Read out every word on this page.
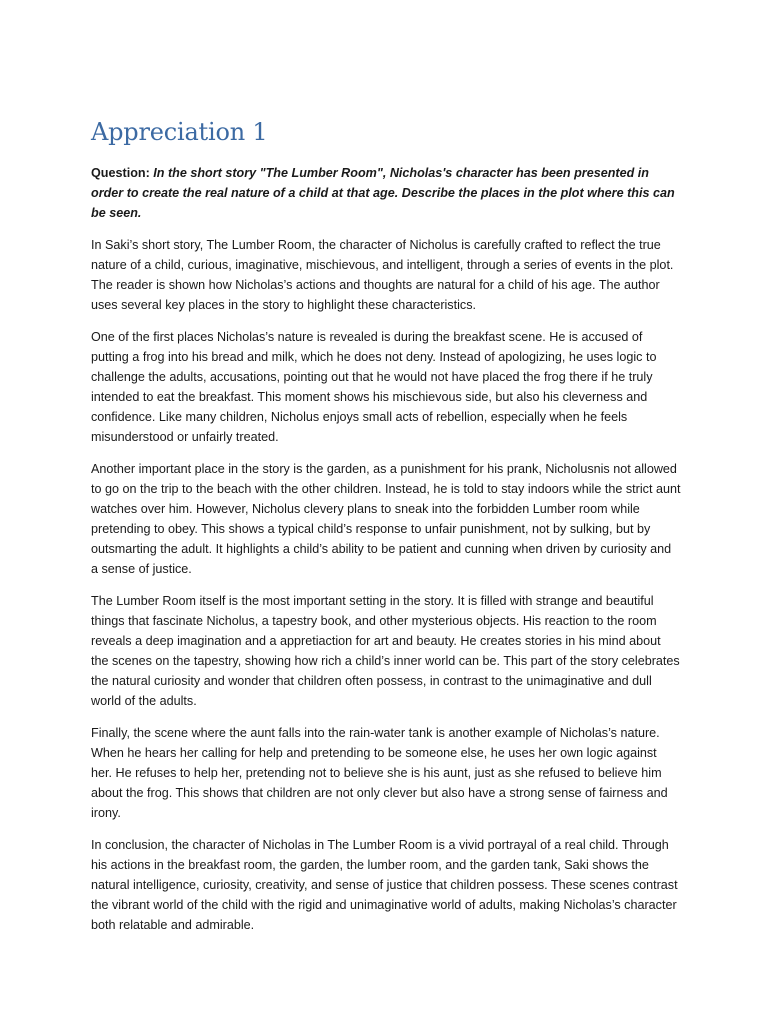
Appreciation 1

Question: In the short story "The Lumber Room", Nicholas's character has been presented in order to create the real nature of a child at that age. Describe the places in the plot where this can be seen.

In Saki’s short story, The Lumber Room, the character of Nicholus is carefully crafted to reflect the true nature of a child, curious, imaginative, mischievous, and intelligent, through a series of events in the plot. The reader is shown how Nicholas’s actions and thoughts are natural for a child of his age. The author uses several key places in the story to highlight these characteristics.

One of the first places Nicholas’s nature is revealed is during the breakfast scene. He is accused of putting a frog into his bread and milk, which he does not deny. Instead of apologizing, he uses logic to challenge the adults, accusations, pointing out that he would not have placed the frog there if he truly intended to eat the breakfast. This moment shows his mischievous side, but also his cleverness and confidence. Like many children, Nicholus enjoys small acts of rebellion, especially when he feels misunderstood or unfairly treated.

Another important place in the story is the garden, as a punishment for his prank, Nicholusnis not allowed to go on the trip to the beach with the other children. Instead, he is told to stay indoors while the strict aunt watches over him. However, Nicholus clevery plans to sneak into the forbidden Lumber room while pretending to obey. This shows a typical child’s response to unfair punishment, not by sulking, but by outsmarting the adult. It highlights a child’s ability to be patient and cunning when driven by curiosity and a sense of justice.

The Lumber Room itself is the most important setting in the story. It is filled with strange and beautiful things that fascinate Nicholus, a tapestry book, and other mysterious objects. His reaction to the room reveals a deep imagination and a appretiaction for art and beauty. He creates stories in his mind about the scenes on the tapestry, showing how rich a child’s inner world can be. This part of the story celebrates the natural curiosity and wonder that children often possess, in contrast to the unimaginative and dull world of the adults.

Finally, the scene where the aunt falls into the rain-water tank is another example of Nicholas’s nature. When he hears her calling for help and pretending to be someone else, he uses her own logic against her. He refuses to help her, pretending not to believe she is his aunt, just as she refused to believe him about the frog. This shows that children are not only clever but also have a strong sense of fairness and irony.

In conclusion, the character of Nicholas in The Lumber Room is a vivid portrayal of a real child. Through his actions in the breakfast room, the garden, the lumber room, and the garden tank, Saki shows the natural intelligence, curiosity, creativity, and sense of justice that children possess. These scenes contrast the vibrant world of the child with the rigid and unimaginative world of adults, making Nicholas’s character both relatable and admirable.
